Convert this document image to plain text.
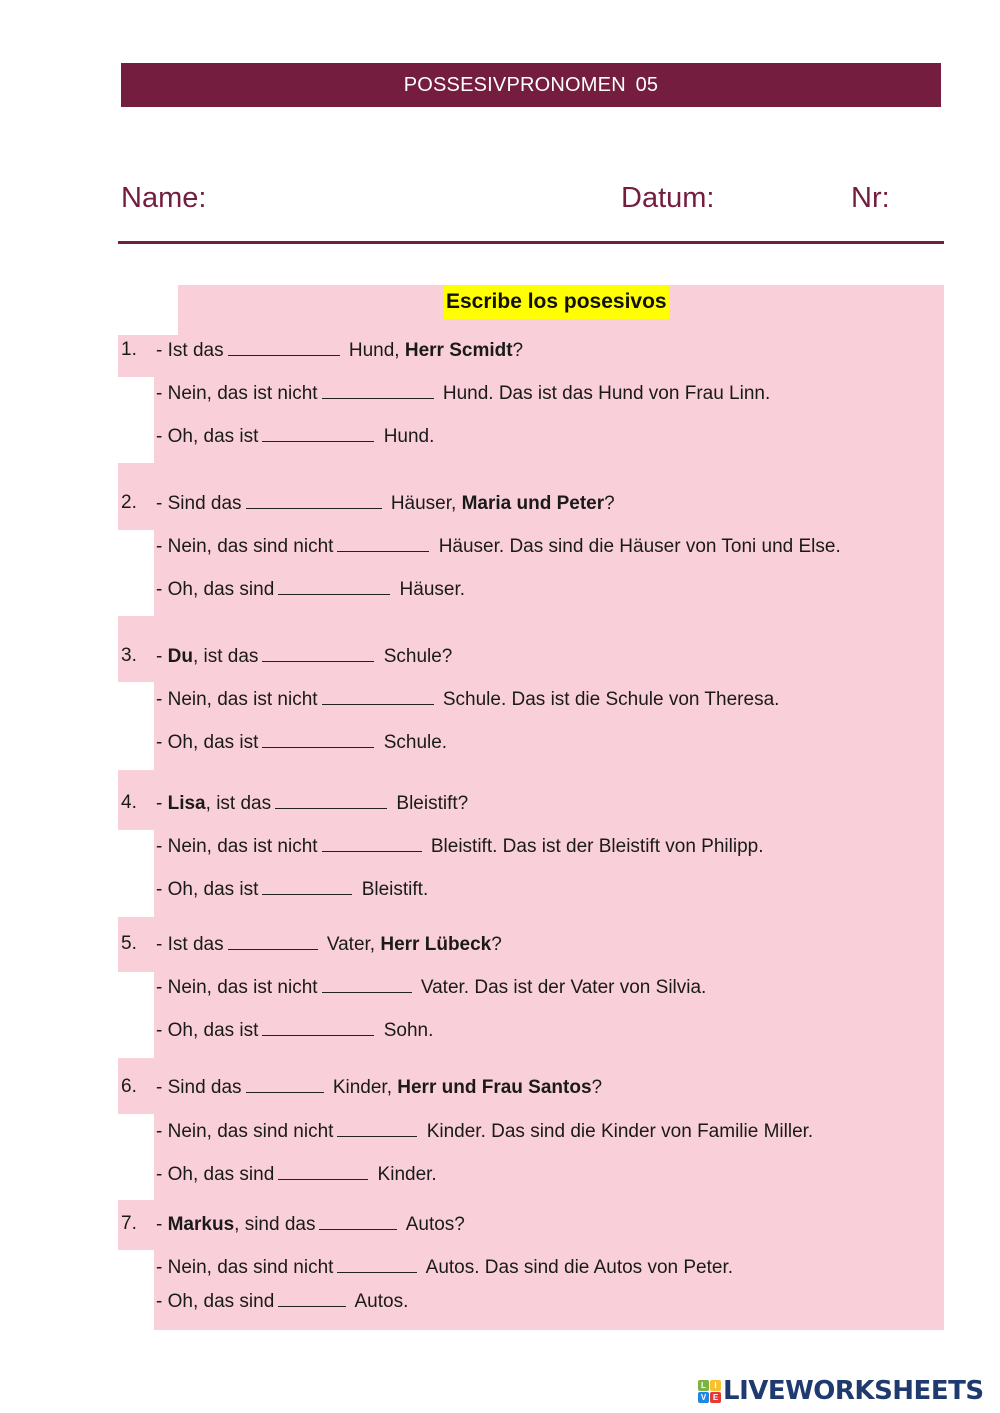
POSSESIVPRONOMEN 05
Name:	Datum:	Nr:
Escribe los posesivos
1. - Ist das	Hund, Herr Scmidt?
- Nein, das ist nicht	Hund. Das ist das Hund von Frau Linn.
- Oh, das ist	Hund.
2. - Sind das	Häuser, Maria und Peter?
- Nein, das sind nicht	Häuser. Das sind die Häuser von Toni und Else.
- Oh, das sind	Häuser.
3. - Du, ist das	Schule?
- Nein, das ist nicht	Schule. Das ist die Schule von Theresa.
- Oh, das ist	Schule.
4. - Lisa, ist das	Bleistift?
- Nein, das ist nicht	Bleistift. Das ist der Bleistift von Philipp.
- Oh, das ist	Bleistift.
5. - Ist das	Vater, Herr Lübeck?
- Nein, das ist nicht	Vater. Das ist der Vater von Silvia.
- Oh, das ist	Sohn.
6. - Sind das	Kinder, Herr und Frau Santos?
- Nein, das sind nicht	Kinder. Das sind die Kinder von Familie Miller.
- Oh, das sind	Kinder.
7. - Markus, sind das	Autos?
- Nein, das sind nicht	Autos. Das sind die Autos von Peter.
- Oh, das sind	Autos.
L	I
V E LIVEWORKSHEETS
